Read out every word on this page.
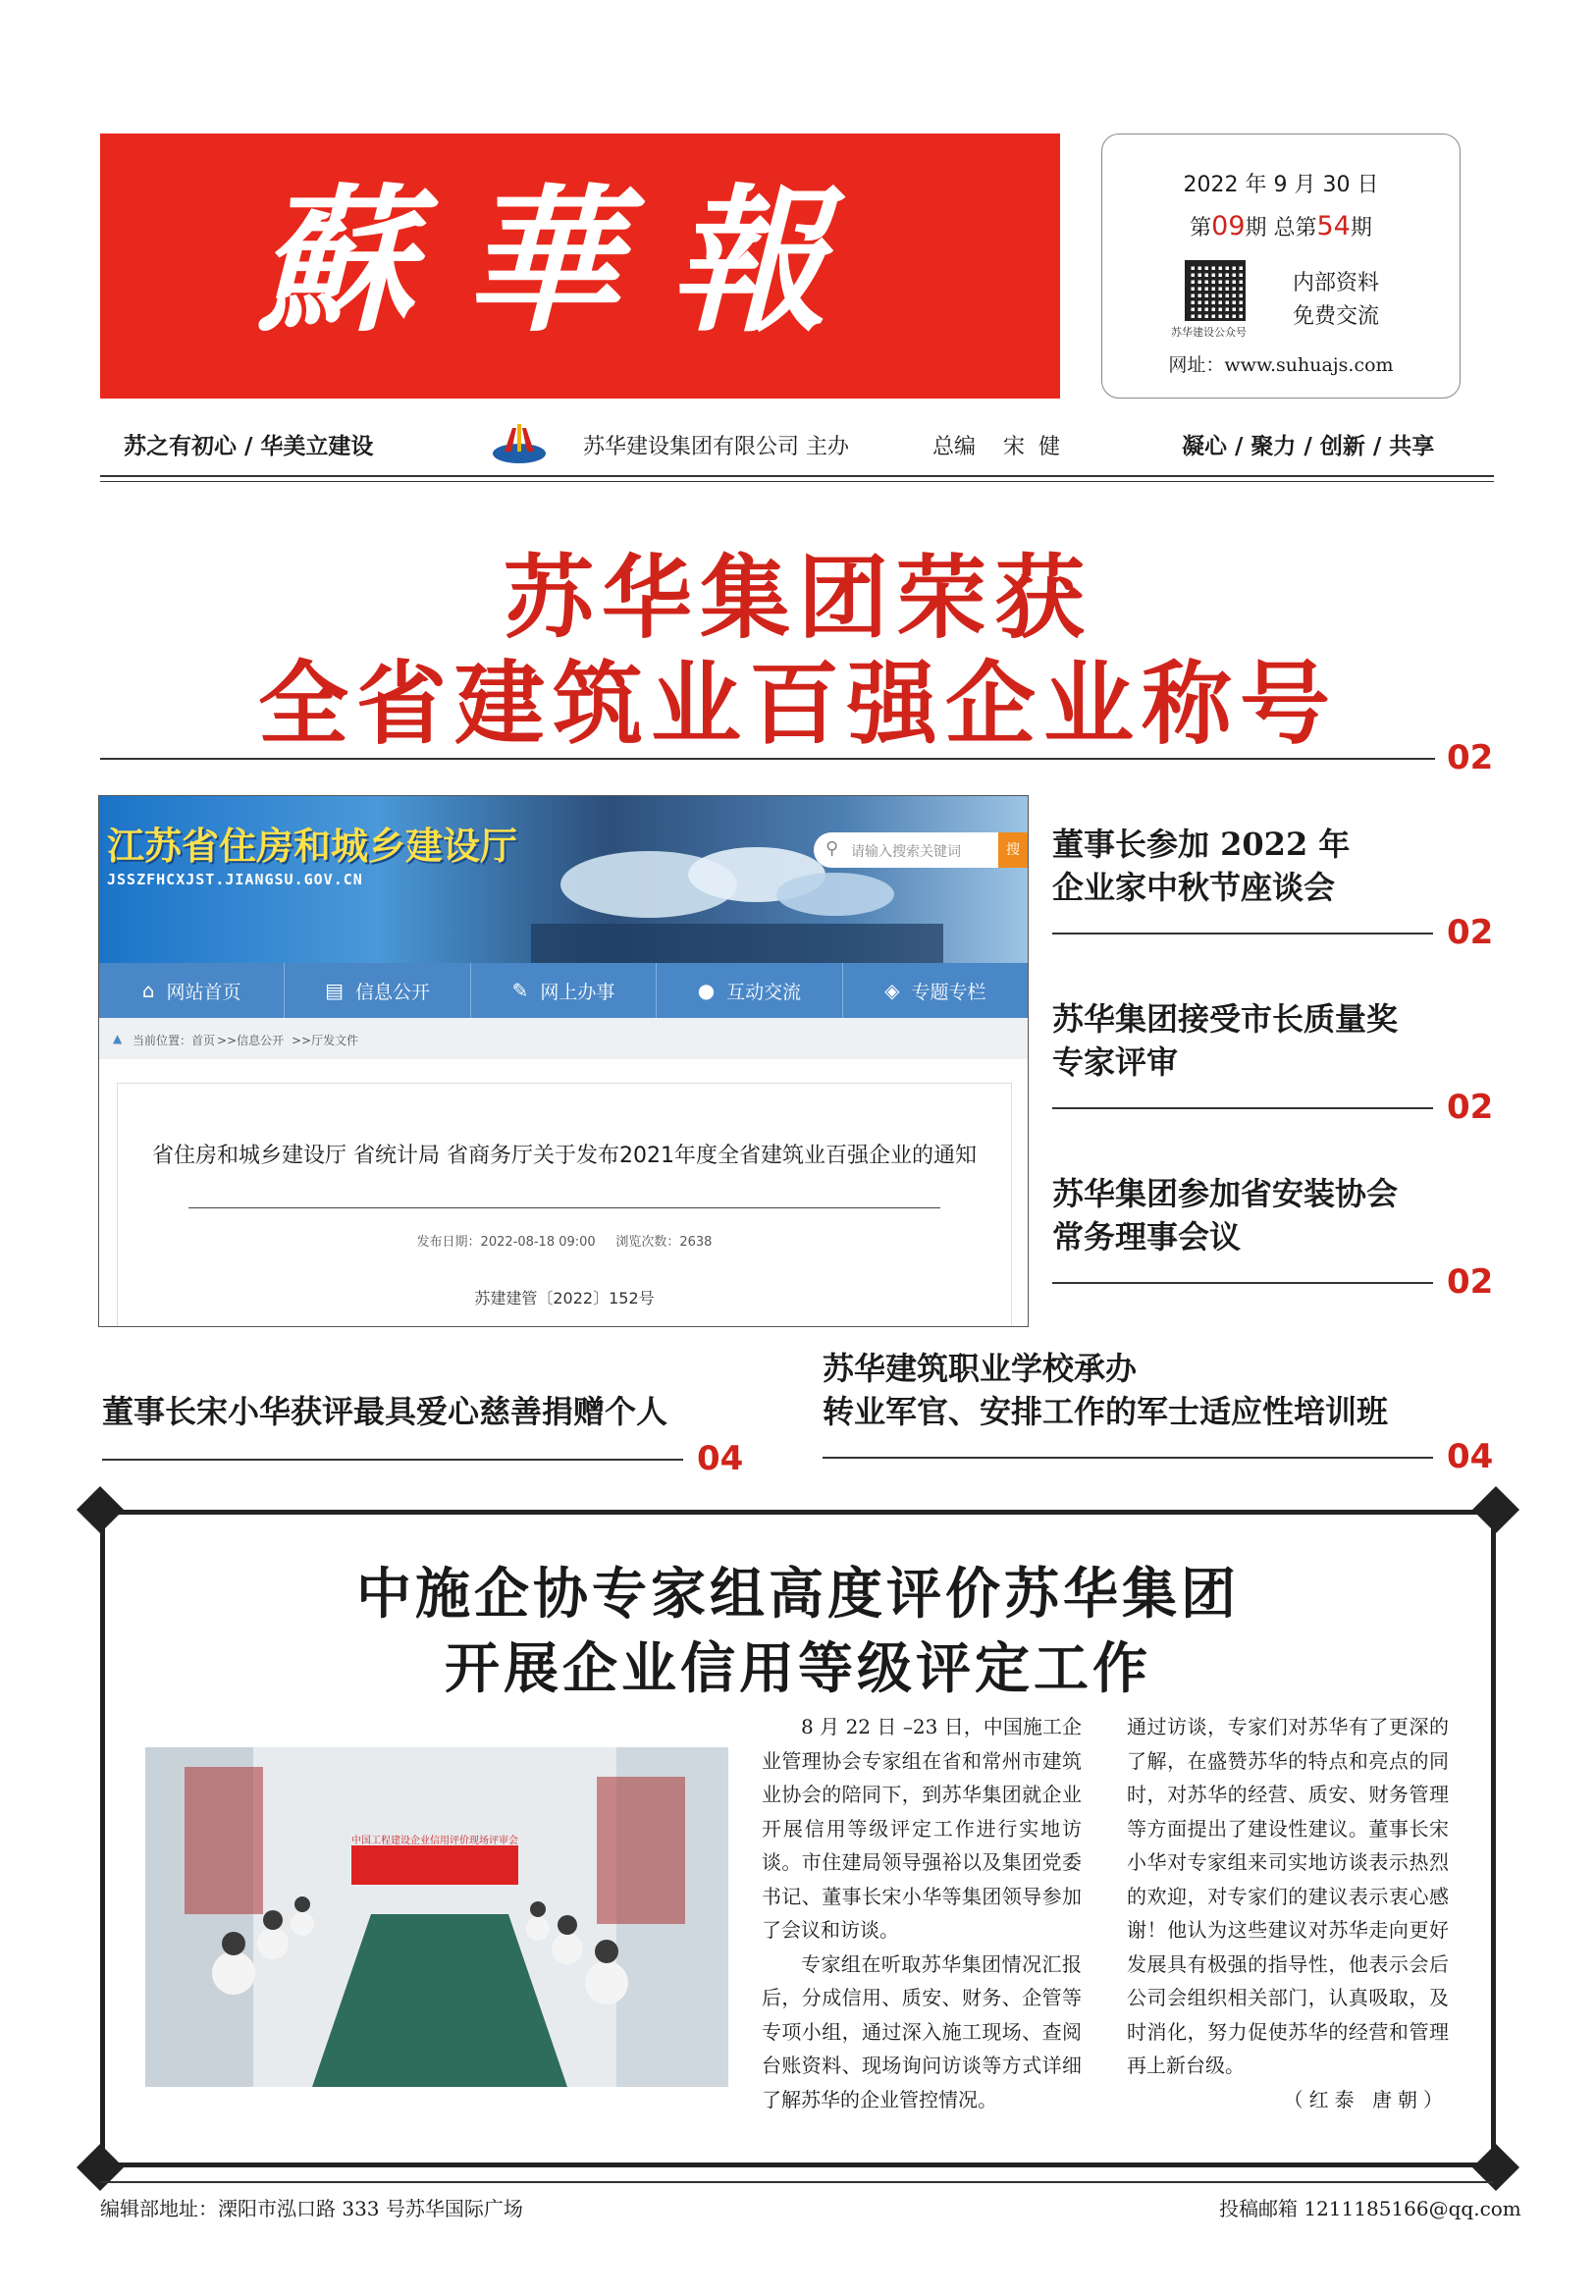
蘇華報	2022 年 9 月 30 日
第09期 总第54期
苏华建设公众号
内部资料
免费交流
网址：www.suhuajs.com
苏之有初心 / 华美立建设	苏华建设集团有限公司 主办	总编    宋  健	凝心 / 聚力 / 创新 / 共享
苏华集团荣获
全省建筑业百强企业称号
02
江苏省住房和城乡建设厅
JSSZFHCXJST.JIANGSU.GOV.CN
⚲ 请输入搜索关键词	搜
⌂ 网站首页	▤ 信息公开	✎ 网上办事	● 互动交流	◈ 专题专栏
▲ 当前位置：首页 >>信息公开 >>厅发文件
省住房和城乡建设厅 省统计局 省商务厅关于发布2021年度全省建筑业百强企业的通知
发布日期：2022-08-18 09:00     浏览次数：2638
苏建建管〔2022〕152号
董事长参加 2022 年
企业家中秋节座谈会
02
苏华集团接受市长质量奖
专家评审
02
苏华集团参加省安装协会
常务理事会议
02
董事长宋小华获评最具爱心慈善捐赠个人
04
苏华建筑职业学校承办
转业军官、安排工作的军士适应性培训班
04
中施企协专家组高度评价苏华集团
开展企业信用等级评定工作
中国工程建设企业信用评价现场评审会

8 月 22 日 –23 日，中国施工企业管理协会专家组在省和常州市建筑业协会的陪同下，到苏华集团就企业开展信用等级评定工作进行实地访谈。市住建局领导强裕以及集团党委书记、董事长宋小华等集团领导参加了会议和访谈。

专家组在听取苏华集团情况汇报后，分成信用、质安、财务、企管等专项小组，通过深入施工现场、查阅台账资料、现场询问访谈等方式详细了解苏华的企业管控情况。

通过访谈，专家们对苏华有了更深的了解，在盛赞苏华的特点和亮点的同时，对苏华的经营、质安、财务管理等方面提出了建设性建议。董事长宋小华对专家组来司实地访谈表示热烈的欢迎，对专家们的建议表示衷心感谢！他认为这些建议对苏华走向更好发展具有极强的指导性，他表示会后公司会组织相关部门，认真吸取，及时消化，努力促使苏华的经营和管理再上新台级。

（红泰 唐朝）
编辑部地址：溧阳市泓口路 333 号苏华国际广场	投稿邮箱 1211185166@qq.com
